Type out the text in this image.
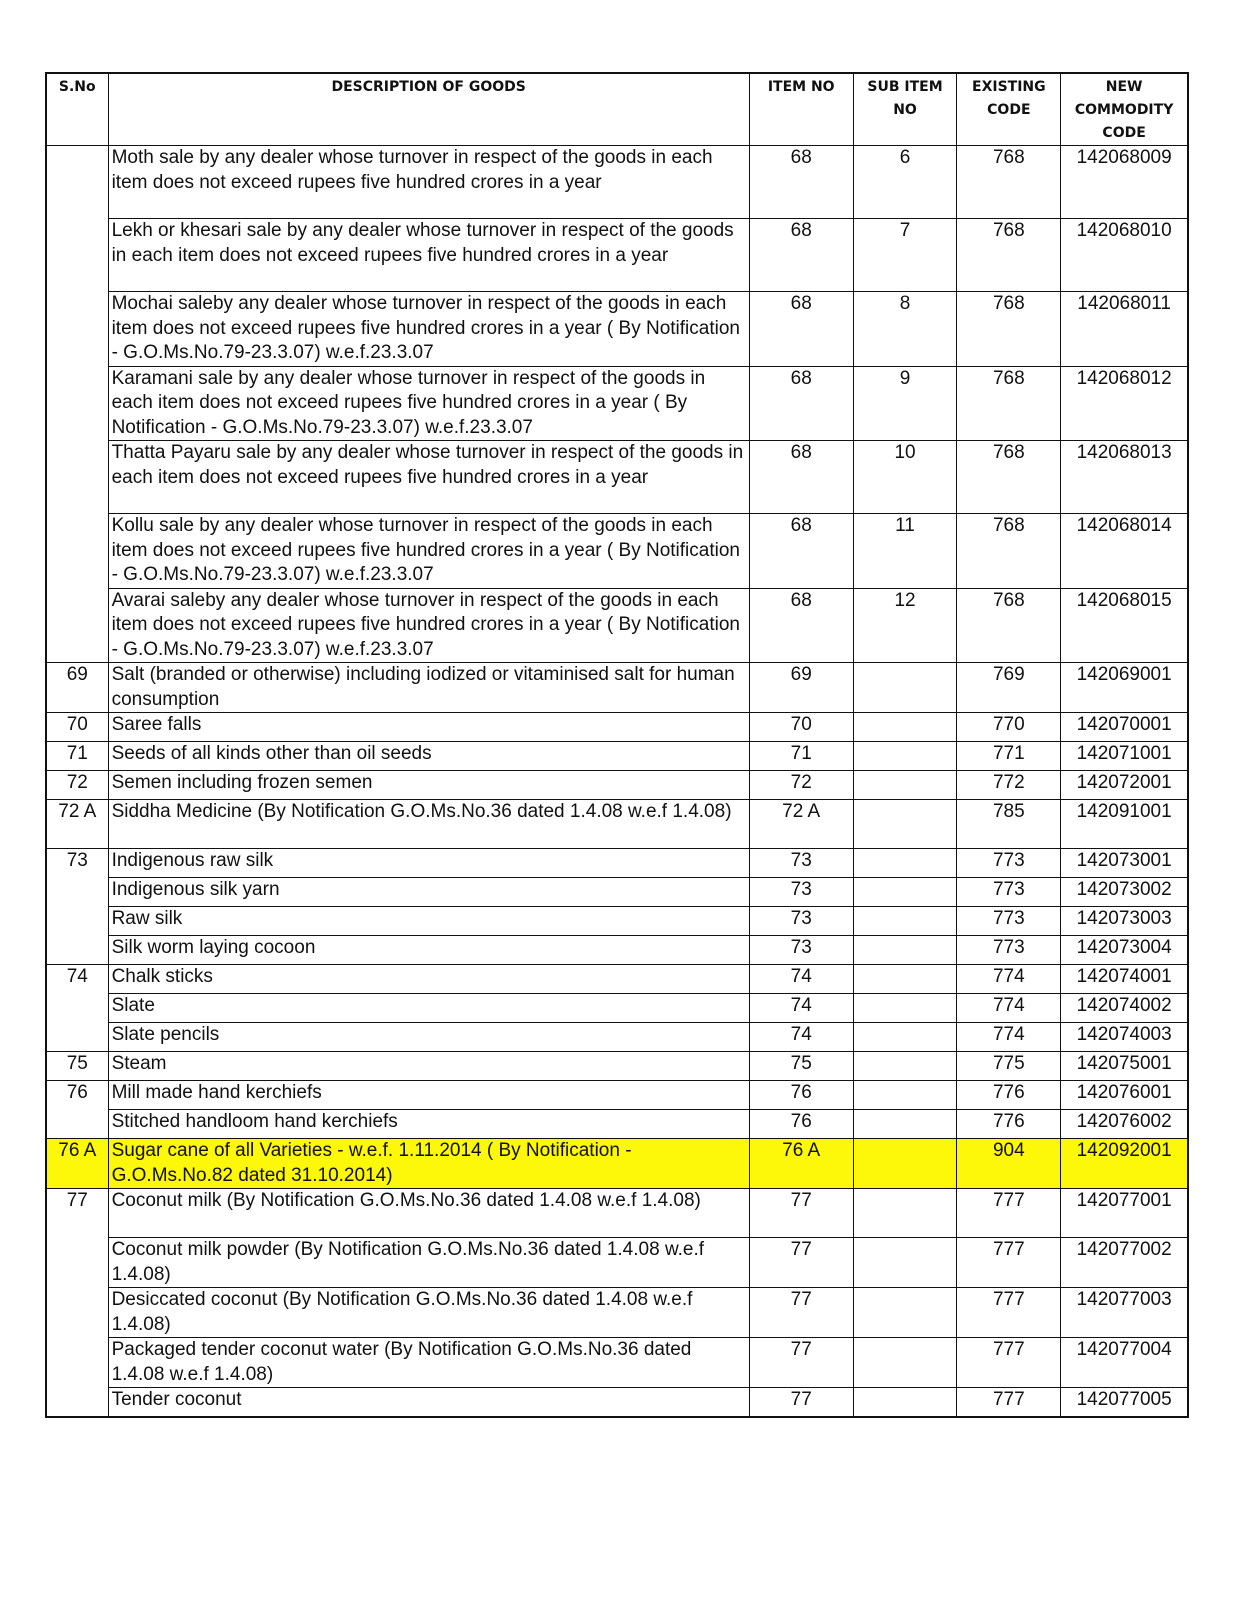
S.No	DESCRIPTION OF GOODS	ITEM NO	SUB ITEM NO	EXISTING CODE	NEW COMMODITY CODE
	Moth sale by any dealer whose turnover in respect of the goods in each item does not exceed rupees five hundred crores in a year	68	6	768	142068009
	Lekh or khesari sale by any dealer whose turnover in respect of the goods in each item does not exceed rupees five hundred crores in a year	68	7	768	142068010
	Mochai saleby any dealer whose turnover in respect of the goods in each item does not exceed rupees five hundred crores in a year ( By Notification - G.O.Ms.No.79-23.3.07) w.e.f.23.3.07	68	8	768	142068011
	Karamani sale by any dealer whose turnover in respect of the goods in each item does not exceed rupees five hundred crores in a year ( By Notification - G.O.Ms.No.79-23.3.07) w.e.f.23.3.07	68	9	768	142068012
	Thatta Payaru sale by any dealer whose turnover in respect of the goods in each item does not exceed rupees five hundred crores in a year	68	10	768	142068013
	Kollu sale by any dealer whose turnover in respect of the goods in each item does not exceed rupees five hundred crores in a year ( By Notification - G.O.Ms.No.79-23.3.07) w.e.f.23.3.07	68	11	768	142068014
	Avarai saleby any dealer whose turnover in respect of the goods in each item does not exceed rupees five hundred crores in a year ( By Notification - G.O.Ms.No.79-23.3.07) w.e.f.23.3.07	68	12	768	142068015
69	Salt (branded or otherwise) including iodized or vitaminised salt for human consumption	69		769	142069001
70	Saree falls	70		770	142070001
71	Seeds of all kinds other than oil seeds	71		771	142071001
72	Semen including frozen semen	72		772	142072001
72 A	Siddha Medicine (By Notification G.O.Ms.No.36 dated 1.4.08 w.e.f 1.4.08)	72 A		785	142091001
73	Indigenous raw silk	73		773	142073001
	Indigenous silk yarn	73		773	142073002
	Raw silk	73		773	142073003
	Silk worm laying cocoon	73		773	142073004
74	Chalk sticks	74		774	142074001
	Slate	74		774	142074002
	Slate pencils	74		774	142074003
75	Steam	75		775	142075001
76	Mill made hand kerchiefs	76		776	142076001
	Stitched handloom hand kerchiefs	76		776	142076002
76 A	Sugar cane of all Varieties - w.e.f. 1.11.2014 ( By Notification - G.O.Ms.No.82 dated 31.10.2014)	76 A		904	142092001
77	Coconut milk (By Notification G.O.Ms.No.36 dated 1.4.08 w.e.f 1.4.08)	77		777	142077001
	Coconut milk powder (By Notification G.O.Ms.No.36 dated 1.4.08 w.e.f 1.4.08)	77		777	142077002
	Desiccated coconut (By Notification G.O.Ms.No.36 dated 1.4.08 w.e.f 1.4.08)	77		777	142077003
	Packaged tender coconut water (By Notification G.O.Ms.No.36 dated 1.4.08 w.e.f 1.4.08)	77		777	142077004
	Tender coconut	77		777	142077005
